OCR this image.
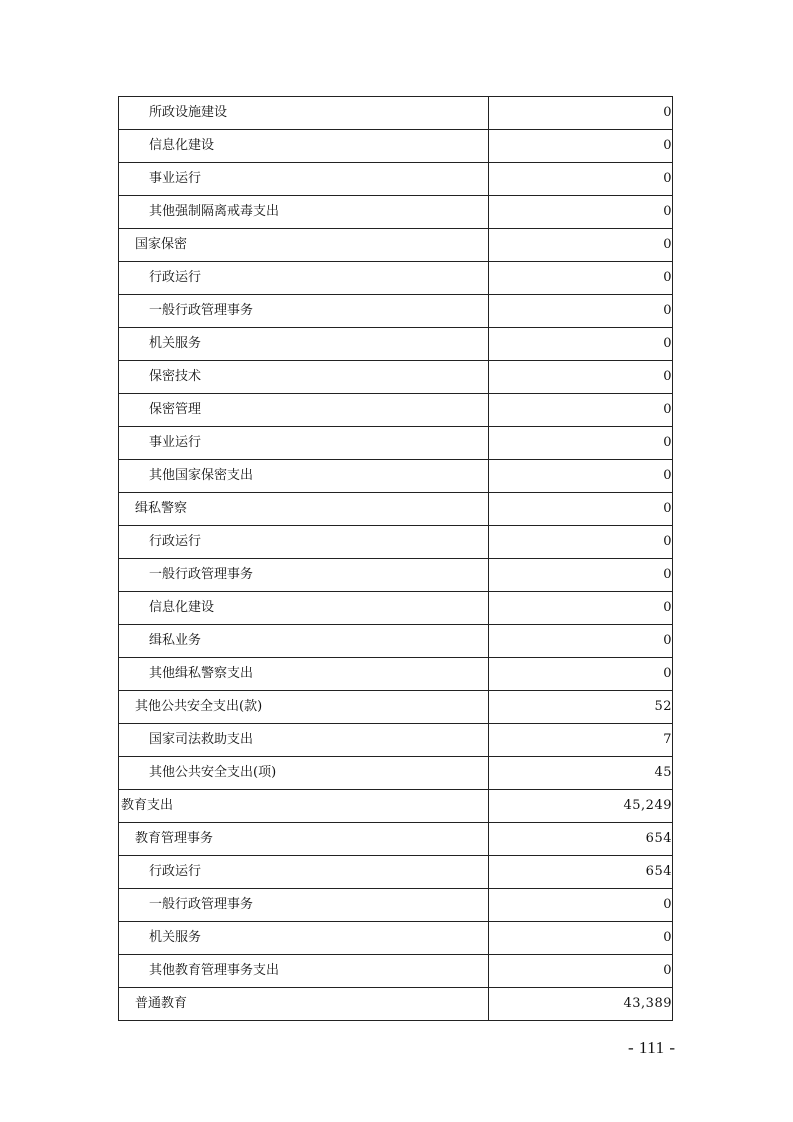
所政设施建设	0
信息化建设	0
事业运行	0
其他强制隔离戒毒支出	0
国家保密	0
行政运行	0
一般行政管理事务	0
机关服务	0
保密技术	0
保密管理	0
事业运行	0
其他国家保密支出	0
缉私警察	0
行政运行	0
一般行政管理事务	0
信息化建设	0
缉私业务	0
其他缉私警察支出	0
其他公共安全支出(款)	52
国家司法救助支出	7
其他公共安全支出(项)	45
教育支出	45,249
教育管理事务	654
行政运行	654
一般行政管理事务	0
机关服务	0
其他教育管理事务支出	0
普通教育	43,389
- 111 -
